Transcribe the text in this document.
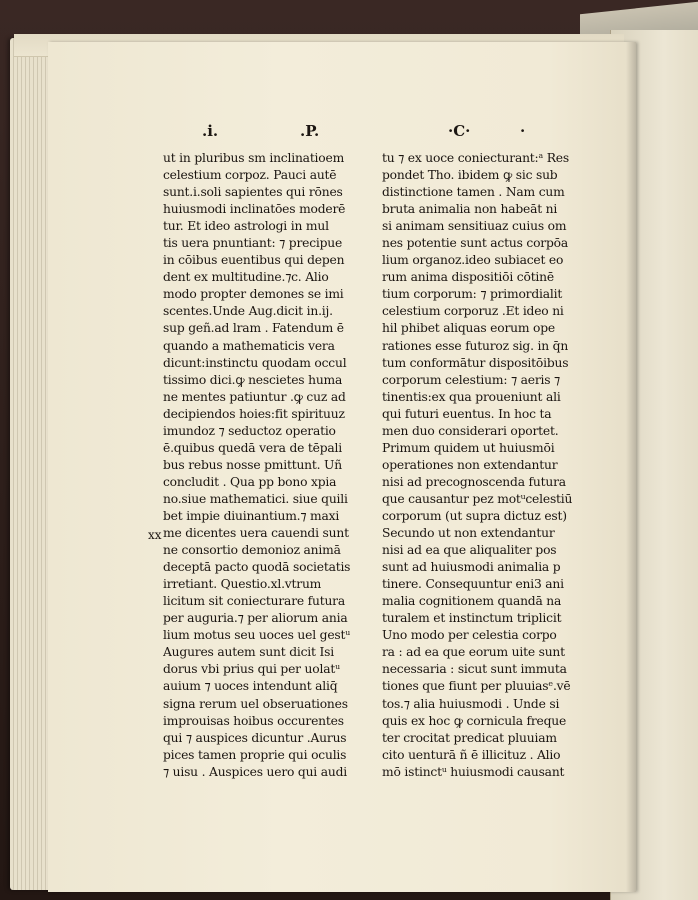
.i.	.P.	·C·	·
ut in pluribus sm inclinatioem
celestium corpoz. Pauci autē
sunt.i.soli sapientes qui rōnes
huiusmodi inclinatōes moderē
tur. Et ideo astrologi in mul
tis uera pnuntiant: ⁊ precipue
in cōibus euentibus qui depen
dent ex multitudine.⁊c. Alio
modo propter demones se imi
scentes.Unde Aug.dicit in.ij.
sup geñ.ad lram . Fatendum ē
quando a mathematicis vera
dicunt:instinctu quodam occul
tissimo dici.ꝙ nescietes huma
ne mentes patiuntur .ꝙ cuz ad
decipiendos hoies:fit spirituuz
imundoz ⁊ seductoz operatio
ē.quibus quedā vera de tēpali
bus rebus nosse pmittunt. Uñ
concludit . Qua pp bono xpia
no.siue mathematici. siue quili
bet impie diuinantium.⁊ maxi
me dicentes uera cauendi sunt
ne consortio demonioz animā
deceptā pacto quodā societatis
irretiant. Questio.xl.vtrum
licitum sit coniecturare futura
per auguria.⁊ per aliorum ania
lium motus seu uoces uel gestᵘ
Augures autem sunt dicit Isi
dorus vbi prius qui per uolatᵘ
auium ⁊ uoces intendunt aliq̄
signa rerum uel obseruationes
improuisas hoibus occurentes
qui ⁊ auspices dicuntur .Aurus
pices tamen proprie qui oculis
⁊ uisu . Auspices uero qui audi
tu ⁊ ex uoce coniecturant:ᵃ Res
pondet Tho. ibidem ꝙ sic sub
distinctione tamen . Nam cum
bruta animalia non habeāt ni
si animam sensitiuaz cuius om
nes potentie sunt actus corpōa
lium organoz.ideo subiacet eo
rum anima dispositiōi cōtinē
tium corporum: ⁊ primordialit
celestium corporuz .Et ideo ni
hil phibet aliquas eorum ope
rationes esse futuroz sig. in q̄n
tum conformātur dispositōibus
corporum celestium: ⁊ aeris ⁊
tinentis:ex qua proueniunt ali
qui futuri euentus. In hoc ta
men duo considerari oportet.
Primum quidem ut huiusmōi
operationes non extendantur
nisi ad precognoscenda futura
que causantur pez motᵘcelestiū
corporum (ut supra dictuz est)
Secundo ut non extendantur
nisi ad ea que aliqualiter pos
sunt ad huiusmodi animalia p
tinere. Consequuntur eni3 ani
malia cognitionem quandā na
turalem et instinctum triplicit
Uno modo per celestia corpo
ra : ad ea que eorum uite sunt
necessaria : sicut sunt immuta
tiones que fiunt per pluuiasᵉ.vē
tos.⁊ alia huiusmodi . Unde si
quis ex hoc ꝙ cornicula freque
ter crocitat predicat pluuiam
cito uenturā ñ ē illicituz . Alio
mō istinctᵘ huiusmodi causant
xx
